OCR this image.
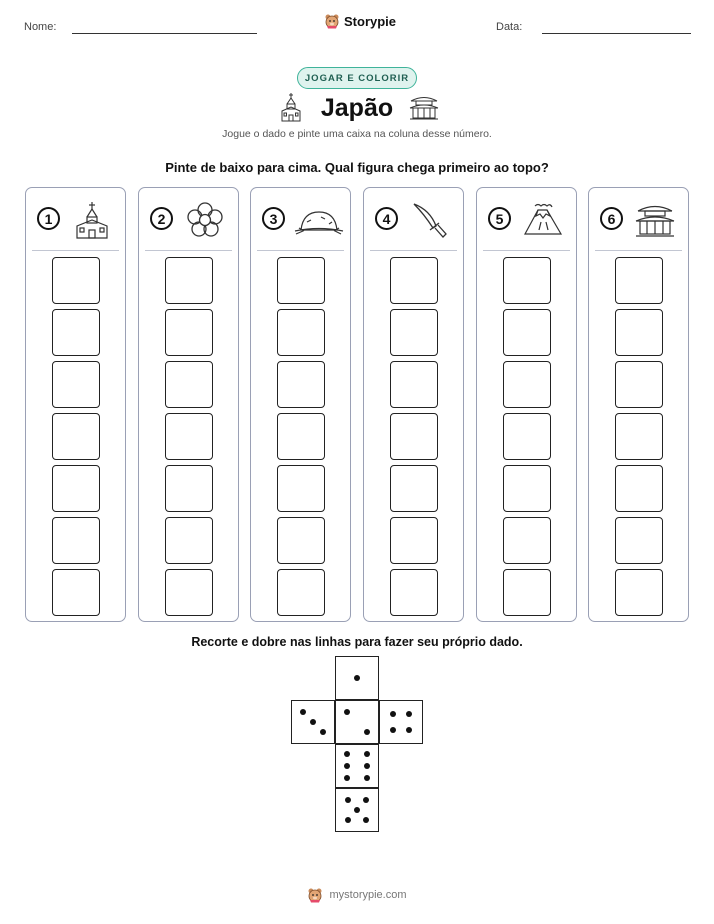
Nome:	Storypie	Data:
JOGAR E COLORIR
Japão
Jogue o dado e pinte uma caixa na coluna desse número.
Pinte de baixo para cima. Qual figura chega primeiro ao topo?
1	2	3	4	5	6
Recorte e dobre nas linhas para fazer seu próprio dado.
mystorypie.com
